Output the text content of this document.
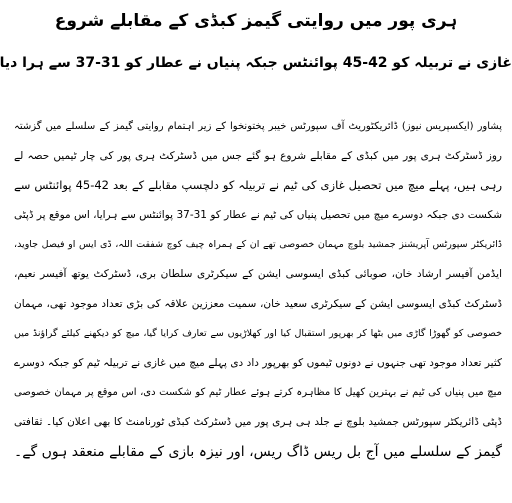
ہری پور میں روایتی گیمز کبڈی کے مقابلے شروع
غازی نے تربیلہ کو 42-45 پوائنٹس جبکہ پنیاں نے عطار کو 31-37 سے ہرا دیا
پشاور (ایکسپریس نیوز) ڈائریکٹوریٹ آف سپورٹس خیبر پختونخوا کے زیر اہتمام روایتی گیمز کے سلسلے میں گزشتہ
روز ڈسٹرکٹ ہری پور میں کبڈی کے مقابلے شروع ہو گئے جس میں ڈسٹرکٹ ہری پور کی چار ٹیمیں حصہ لے
رہی ہیں، پہلے میچ میں تحصیل غازی کی ٹیم نے تربیلہ کو دلچسپ مقابلے کے بعد 42-45 پوائنٹس سے
شکست دی جبکہ دوسرے میچ میں تحصیل پنیاں کی ٹیم نے عطار کو 31-37 پوائنٹس سے ہرایا، اس موقع پر ڈپٹی
ڈائریکٹر سپورٹس آپریشنز جمشید بلوچ مہمان خصوصی تھے ان کے ہمراہ چیف کوچ شفقت اللہ، ڈی ایس او فیصل جاوید،
ایڈمن آفیسر ارشاد خان، صوبائی کبڈی ایسوسی ایشن کے سیکرٹری سلطان بری، ڈسٹرکٹ یوتھ آفیسر نعیم،
ڈسٹرکٹ کبڈی ایسوسی ایشن کے سیکرٹری سعید خان، سمیت معززین علاقہ کی بڑی تعداد موجود تھی، مہمان
خصوصی کو گھوڑا گاڑی میں بٹھا کر بھرپور استقبال کیا اور کھلاڑیوں سے تعارف کرایا گیا، میچ کو دیکھنے کیلئے گراؤنڈ میں
کثیر تعداد موجود تھی جنہوں نے دونوں ٹیموں کو بھرپور داد دی پہلے میچ میں غازی نے تربیلہ ٹیم کو جبکہ دوسرے
میچ میں پنیاں کی ٹیم نے بہترین کھیل کا مظاہرہ کرتے ہوئے عطار ٹیم کو شکست دی، اس موقع پر مہمان خصوصی
ڈپٹی ڈائریکٹر سپورٹس جمشید بلوچ نے جلد ہی ہری پور میں ڈسٹرکٹ کبڈی ٹورنامنٹ کا بھی اعلان کیا۔ ثقافتی
گیمز کے سلسلے میں آج بل ریس ڈاگ ریس، اور نیزہ بازی کے مقابلے منعقد ہوں گے۔
